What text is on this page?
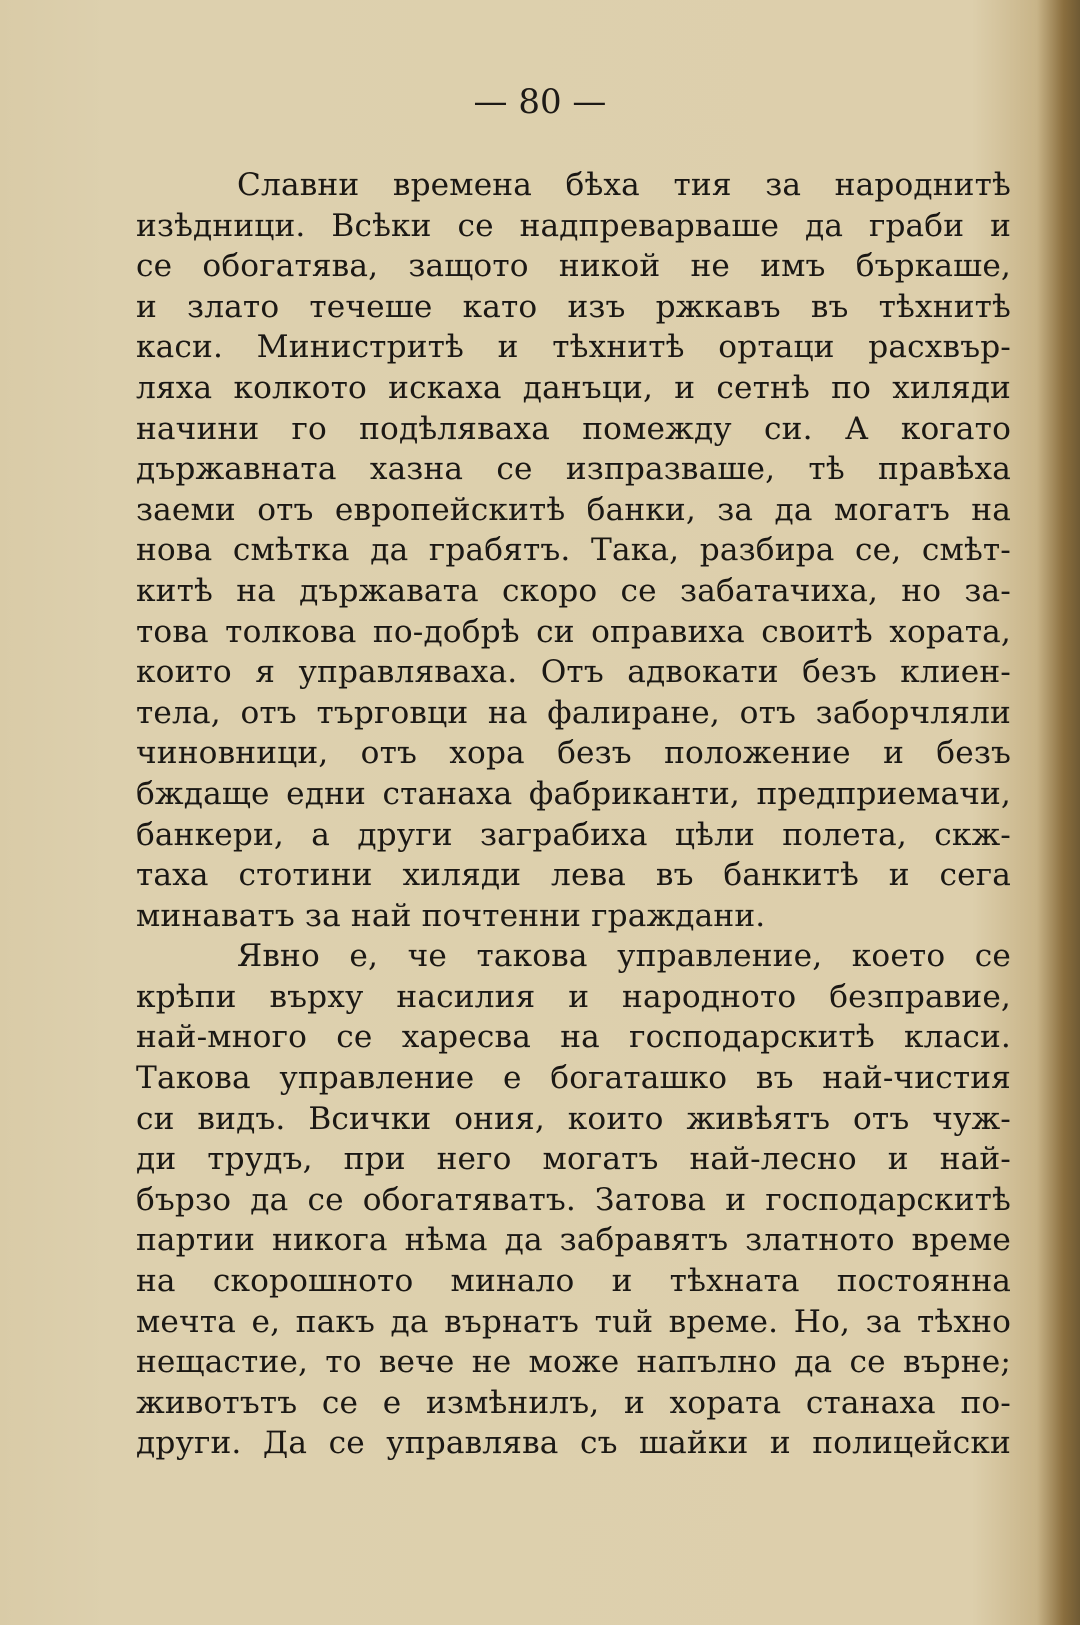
— 80 —
Славни времена бѣха тия за народнитѣ
изѣдници. Всѣки се надпреварваше да граби и
се обогатява, защото никой не имъ бъркаше,
и злато течеше като изъ ржкавъ въ тѣхнитѣ
каси. Министритѣ и тѣхнитѣ ортаци расхвър-
ляха колкото искаха данъци, и сетнѣ по хиляди
начини го подѣляваха помежду си. А когато
държавната хазна се изпразваше, тѣ правѣха
заеми отъ европейскитѣ банки, за да могатъ на
нова смѣтка да грабятъ. Така, разбира се, смѣт-
китѣ на държавата скоро се забатачиха, но за-
това толкова по-добрѣ си оправиха своитѣ хората,
които я управляваха. Отъ адвокати безъ клиен-
тела, отъ търговци на фалиране, отъ заборчляли
чиновници, отъ хора безъ положение и безъ
бждаще едни станаха фабриканти, предприемачи,
банкери, а други заграбиха цѣли полета, скж-
таха стотини хиляди лева въ банкитѣ и сега
минаватъ за най почтенни граждани.
Явно е, че такова управление, което се
крѣпи върху насилия и народното безправие,
най-много се харесва на господарскитѣ класи.
Такова управление е богаташко въ най-чистия
си видъ. Всички ония, които живѣятъ отъ чуж-
ди трудъ, при него могатъ най-лесно и най-
бързо да се обогатяватъ. Затова и господарскитѣ
партии никога нѣма да забравятъ златното време
на скорошното минало и тѣхната постоянна
мечта е, пакъ да върнатъ тuй време. Но, за тѣхно
нещастие, то вече не може напълно да се върне;
животътъ се е измѣнилъ, и хората станаха по-
други. Да се управлява съ шайки и полицейски
